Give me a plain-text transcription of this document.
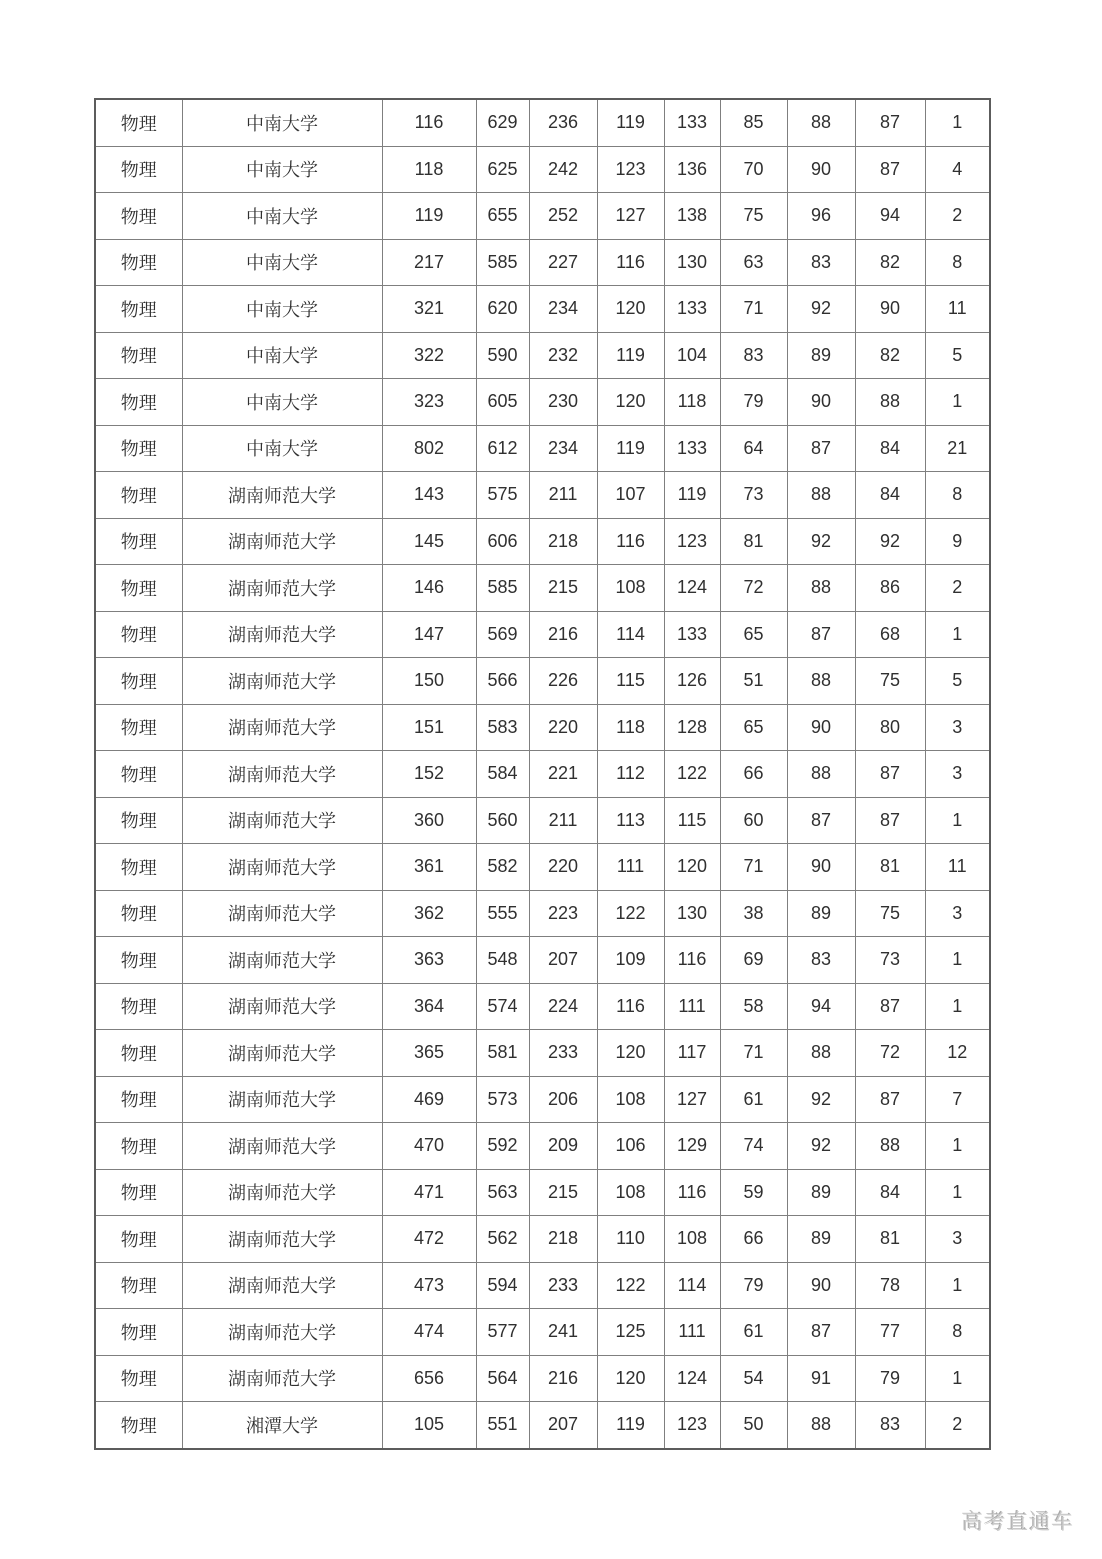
物理	中南大学	116	629	236	119	133	85	88	87	1
物理	中南大学	118	625	242	123	136	70	90	87	4
物理	中南大学	119	655	252	127	138	75	96	94	2
物理	中南大学	217	585	227	116	130	63	83	82	8
物理	中南大学	321	620	234	120	133	71	92	90	11
物理	中南大学	322	590	232	119	104	83	89	82	5
物理	中南大学	323	605	230	120	118	79	90	88	1
物理	中南大学	802	612	234	119	133	64	87	84	21
物理	湖南师范大学	143	575	211	107	119	73	88	84	8
物理	湖南师范大学	145	606	218	116	123	81	92	92	9
物理	湖南师范大学	146	585	215	108	124	72	88	86	2
物理	湖南师范大学	147	569	216	114	133	65	87	68	1
物理	湖南师范大学	150	566	226	115	126	51	88	75	5
物理	湖南师范大学	151	583	220	118	128	65	90	80	3
物理	湖南师范大学	152	584	221	112	122	66	88	87	3
物理	湖南师范大学	360	560	211	113	115	60	87	87	1
物理	湖南师范大学	361	582	220	111	120	71	90	81	11
物理	湖南师范大学	362	555	223	122	130	38	89	75	3
物理	湖南师范大学	363	548	207	109	116	69	83	73	1
物理	湖南师范大学	364	574	224	116	111	58	94	87	1
物理	湖南师范大学	365	581	233	120	117	71	88	72	12
物理	湖南师范大学	469	573	206	108	127	61	92	87	7
物理	湖南师范大学	470	592	209	106	129	74	92	88	1
物理	湖南师范大学	471	563	215	108	116	59	89	84	1
物理	湖南师范大学	472	562	218	110	108	66	89	81	3
物理	湖南师范大学	473	594	233	122	114	79	90	78	1
物理	湖南师范大学	474	577	241	125	111	61	87	77	8
物理	湖南师范大学	656	564	216	120	124	54	91	79	1
物理	湘潭大学	105	551	207	119	123	50	88	83	2
高考直通车
